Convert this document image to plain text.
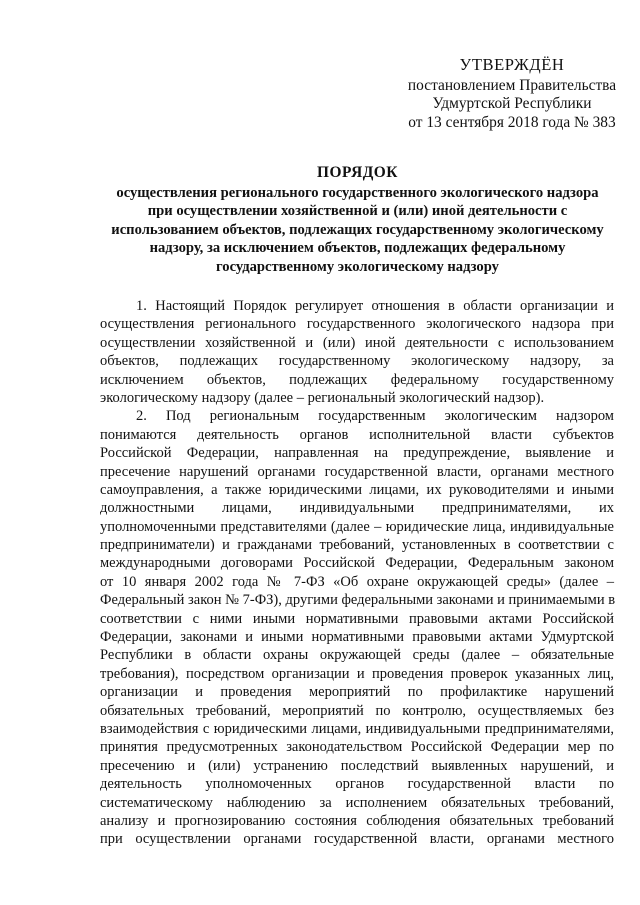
УТВЕРЖДЁН
постановлением Правительства
Удмуртской Республики
от 13 сентября 2018 года № 383
ПОРЯДОК
осуществления регионального государственного экологического надзора
при осуществлении хозяйственной и (или) иной деятельности с
использованием объектов, подлежащих государственному экологическому
надзору, за исключением объектов, подлежащих федеральному
государственному экологическому надзору
1. Настоящий Порядок регулирует отношения в области организации и
осуществления регионального государственного экологического надзора при
осуществлении хозяйственной и (или) иной деятельности с использованием
объектов, подлежащих государственному экологическому надзору, за
исключением объектов, подлежащих федеральному государственному
экологическому надзору (далее – региональный экологический надзор).
2. Под региональным государственным экологическим надзором
понимаются деятельность органов исполнительной власти субъектов
Российской Федерации, направленная на предупреждение, выявление и
пресечение нарушений органами государственной власти, органами местного
самоуправления, а также юридическими лицами, их руководителями и иными
должностными лицами, индивидуальными предпринимателями, их
уполномоченными представителями (далее – юридические лица, индивидуальные
предприниматели) и гражданами требований, установленных в соответствии с
международными договорами Российской Федерации, Федеральным законом
от 10 января 2002 года № 7-ФЗ «Об охране окружающей среды» (далее –
Федеральный закон № 7-ФЗ), другими федеральными законами и принимаемыми в
соответствии с ними иными нормативными правовыми актами Российской
Федерации, законами и иными нормативными правовыми актами Удмуртской
Республики в области охраны окружающей среды (далее – обязательные
требования), посредством организации и проведения проверок указанных лиц,
организации и проведения мероприятий по профилактике нарушений
обязательных требований, мероприятий по контролю, осуществляемых без
взаимодействия с юридическими лицами, индивидуальными предпринимателями,
принятия предусмотренных законодательством Российской Федерации мер по
пресечению и (или) устранению последствий выявленных нарушений, и
деятельность уполномоченных органов государственной власти по
систематическому наблюдению за исполнением обязательных требований,
анализу и прогнозированию состояния соблюдения обязательных требований
при осуществлении органами государственной власти, органами местного
